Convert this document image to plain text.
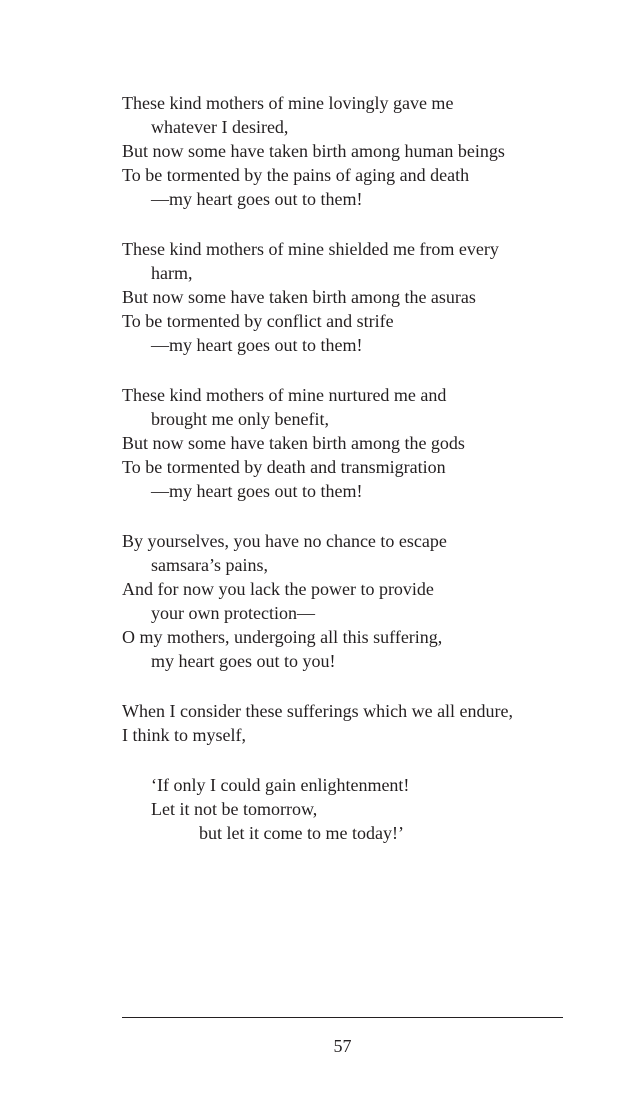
These kind mothers of mine lovingly gave me
whatever I desired,
But now some have taken birth among human beings
To be tormented by the pains of aging and death
—my heart goes out to them!
These kind mothers of mine shielded me from every
harm,
But now some have taken birth among the asuras
To be tormented by conflict and strife
—my heart goes out to them!
These kind mothers of mine nurtured me and
brought me only benefit,
But now some have taken birth among the gods
To be tormented by death and transmigration
—my heart goes out to them!
By yourselves, you have no chance to escape
samsara’s pains,
And for now you lack the power to provide
your own protection—
O my mothers, undergoing all this suffering,
my heart goes out to you!
When I consider these sufferings which we all endure,
I think to myself,
‘If only I could gain enlightenment!
Let it not be tomorrow,
but let it come to me today!’
57
